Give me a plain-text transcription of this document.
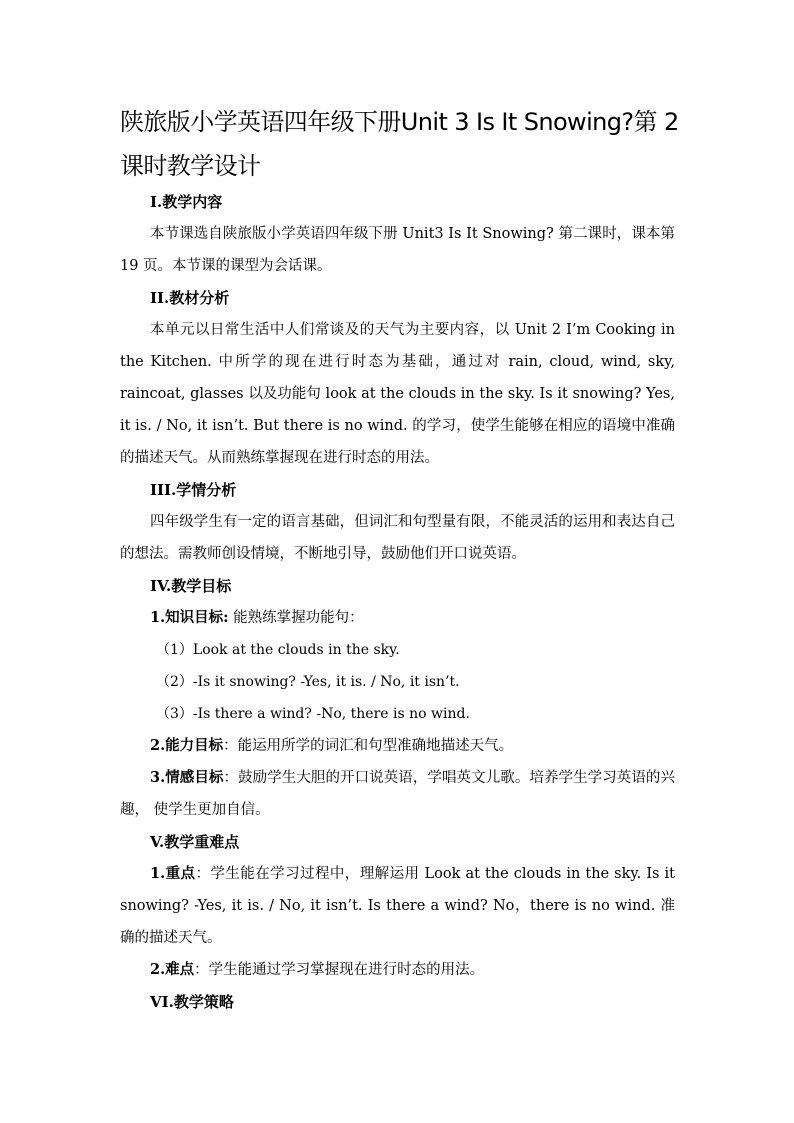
陕旅版小学英语四年级下册Unit 3 Is It Snowing?第 2 课时教学设计
I.教学内容

本节课选自陕旅版小学英语四年级下册 Unit3 Is It Snowing? 第二课时，课本第 19 页。本节课的课型为会话课。

II.教材分析

本单元以日常生活中人们常谈及的天气为主要内容，以 Unit 2 I’m Cooking in the Kitchen. 中所学的现在进行时态为基础，通过对 rain, cloud, wind, sky, raincoat, glasses 以及功能句 look at the clouds in the sky. Is it snowing? Yes, it is. / No, it isn’t. But there is no wind. 的学习，使学生能够在相应的语境中准确的描述天气。从而熟练掌握现在进行时态的用法。

III.学情分析

四年级学生有一定的语言基础，但词汇和句型量有限，不能灵活的运用和表达自己的想法。需教师创设情境，不断地引导，鼓励他们开口说英语。

IV.教学目标

1.知识目标: 能熟练掌握功能句：

（1）Look at the clouds in the sky.
（2）-Is it snowing? -Yes, it is. / No, it isn’t.
（3）-Is there a wind? -No, there is no wind.

2.能力目标：能运用所学的词汇和句型准确地描述天气。

3.情感目标：鼓励学生大胆的开口说英语，学唱英文儿歌。培养学生学习英语的兴趣， 使学生更加自信。

V.教学重难点

1.重点：学生能在学习过程中，理解运用 Look at the clouds in the sky. Is it snowing? -Yes, it is. / No, it isn’t. Is there a wind? No，there is no wind. 准确的描述天气。

2.难点：学生能通过学习掌握现在进行时态的用法。

VI.教学策略
